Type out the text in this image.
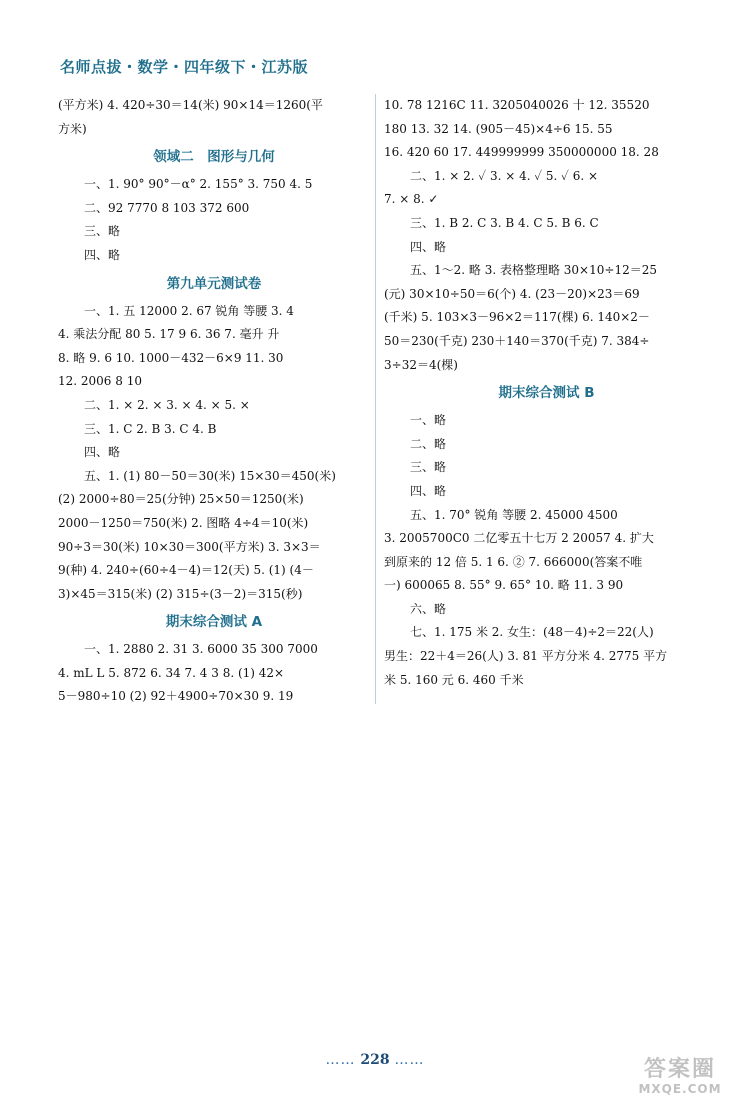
名师点拔・数学・四年级下・江苏版
(平方米) 4. 420÷30＝14(米) 90×14＝1260(平
方米)
领域二　图形与几何
一、1. 90° 90°－α° 2. 155° 3. 750 4. 5
二、92 7770 8 103 372 600
三、略
四、略
第九单元测试卷
一、1. 五 12000 2. 67 锐角 等腰 3. 4
4. 乘法分配 80 5. 17 9 6. 36 7. 毫升 升
8. 略 9. 6 10. 1000－432－6×9 11. 30
12. 2006 8 10
二、1. × 2. × 3. × 4. × 5. ×
三、1. C 2. B 3. C 4. B
四、略
五、1. (1) 80－50＝30(米) 15×30＝450(米)
(2) 2000÷80＝25(分钟) 25×50＝1250(米)
2000－1250＝750(米) 2. 图略 4÷4＝10(米)
90÷3＝30(米) 10×30＝300(平方米) 3. 3×3＝
9(种) 4. 240÷(60÷4－4)＝12(天) 5. (1) (4－
3)×45＝315(米) (2) 315÷(3－2)＝315(秒)
期末综合测试 A
一、1. 2880 2. 31 3. 6000 35 300 7000
4. mL L 5. 872 6. 34 7. 4 3 8. (1) 42×
5－980÷10 (2) 92＋4900÷70×30 9. 19
10. 78 1216C 11. 3205040026 十 12. 35520
180 13. 32 14. (905－45)×4÷6 15. 55
16. 420 60 17. 449999999 350000000 18. 28
二、1. × 2. ✓ 3. × 4. ✓ 5. ✓ 6. ×
7. × 8. ✓
三、1. B 2. C 3. B 4. C 5. B 6. C
四、略
五、1～2. 略 3. 表格整理略 30×10÷12＝25
(元) 30×10÷50＝6(个) 4. (23－20)×23＝69
(千米) 5. 103×3－96×2＝117(棵) 6. 140×2－
50＝230(千克) 230＋140＝370(千克) 7. 384÷
3÷32＝4(棵)
期末综合测试 B
一、略
二、略
三、略
四、略
五、1. 70° 锐角 等腰 2. 45000 4500
3. 2005700C0 二亿零五十七万 2 20057 4. 扩大
到原来的 12 倍 5. 1 6. ② 7. 666000(答案不唯
一) 600065 8. 55° 9. 65° 10. 略 11. 3 90
六、略
七、1. 175 米 2. 女生：(48－4)÷2＝22(人)
男生：22＋4＝26(人) 3. 81 平方分米 4. 2775 平方
米 5. 160 元 6. 460 千米
…… 228 ……	答案圈
MXQE.COM
